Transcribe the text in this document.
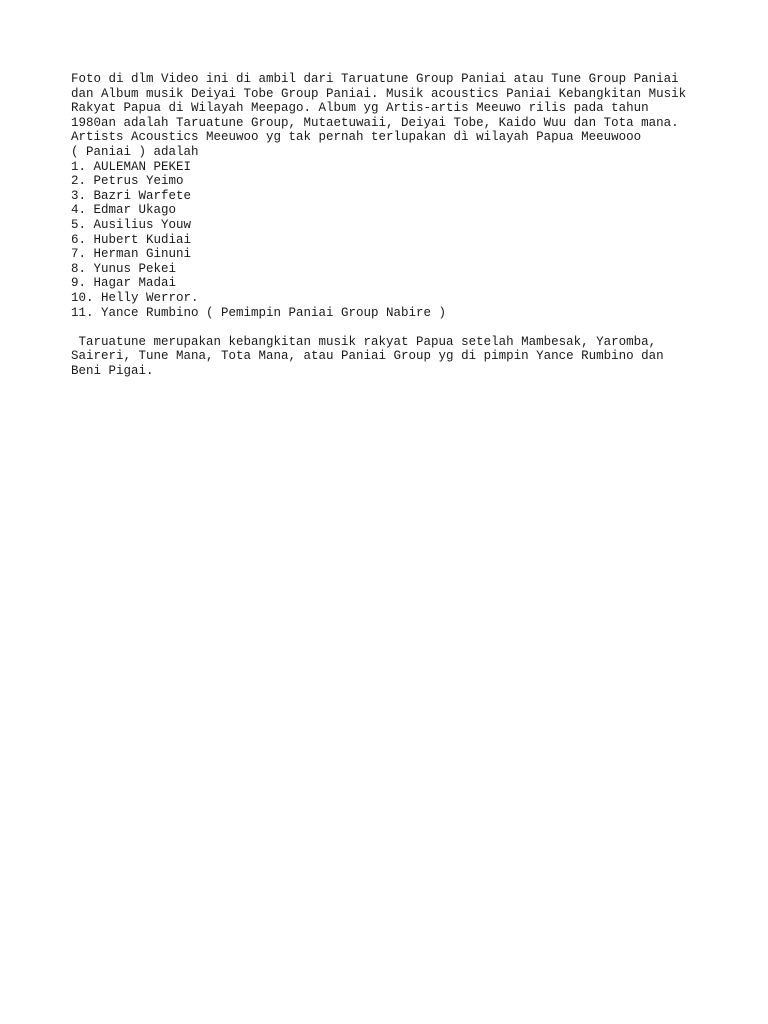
Foto di dlm Video ini di ambil dari Taruatune Group Paniai atau Tune Group Paniai
dan Album musik Deiyai Tobe Group Paniai. Musik acoustics Paniai Kebangkitan Musik
Rakyat Papua di Wilayah Meepago. Album yg Artis-artis Meeuwo rilis pada tahun
1980an adalah Taruatune Group, Mutaetuwaii, Deiyai Tobe, Kaido Wuu dan Tota mana.
Artists Acoustics Meeuwoo yg tak pernah terlupakan dì wilayah Papua Meeuwooo
( Paniai ) adalah
1. AULEMAN PEKEI
2. Petrus Yeimo
3. Bazri Warfete
4. Edmar Ukago
5. Ausilius Youw
6. Hubert Kudiai
7. Herman Ginuni
8. Yunus Pekei
9. Hagar Madai
10. Helly Werror.
11. Yance Rumbino ( Pemimpin Paniai Group Nabire )
Taruatune merupakan kebangkitan musik rakyat Papua setelah Mambesak, Yaromba,
Saireri, Tune Mana, Tota Mana, atau Paniai Group yg di pimpin Yance Rumbino dan
Beni Pigai.
